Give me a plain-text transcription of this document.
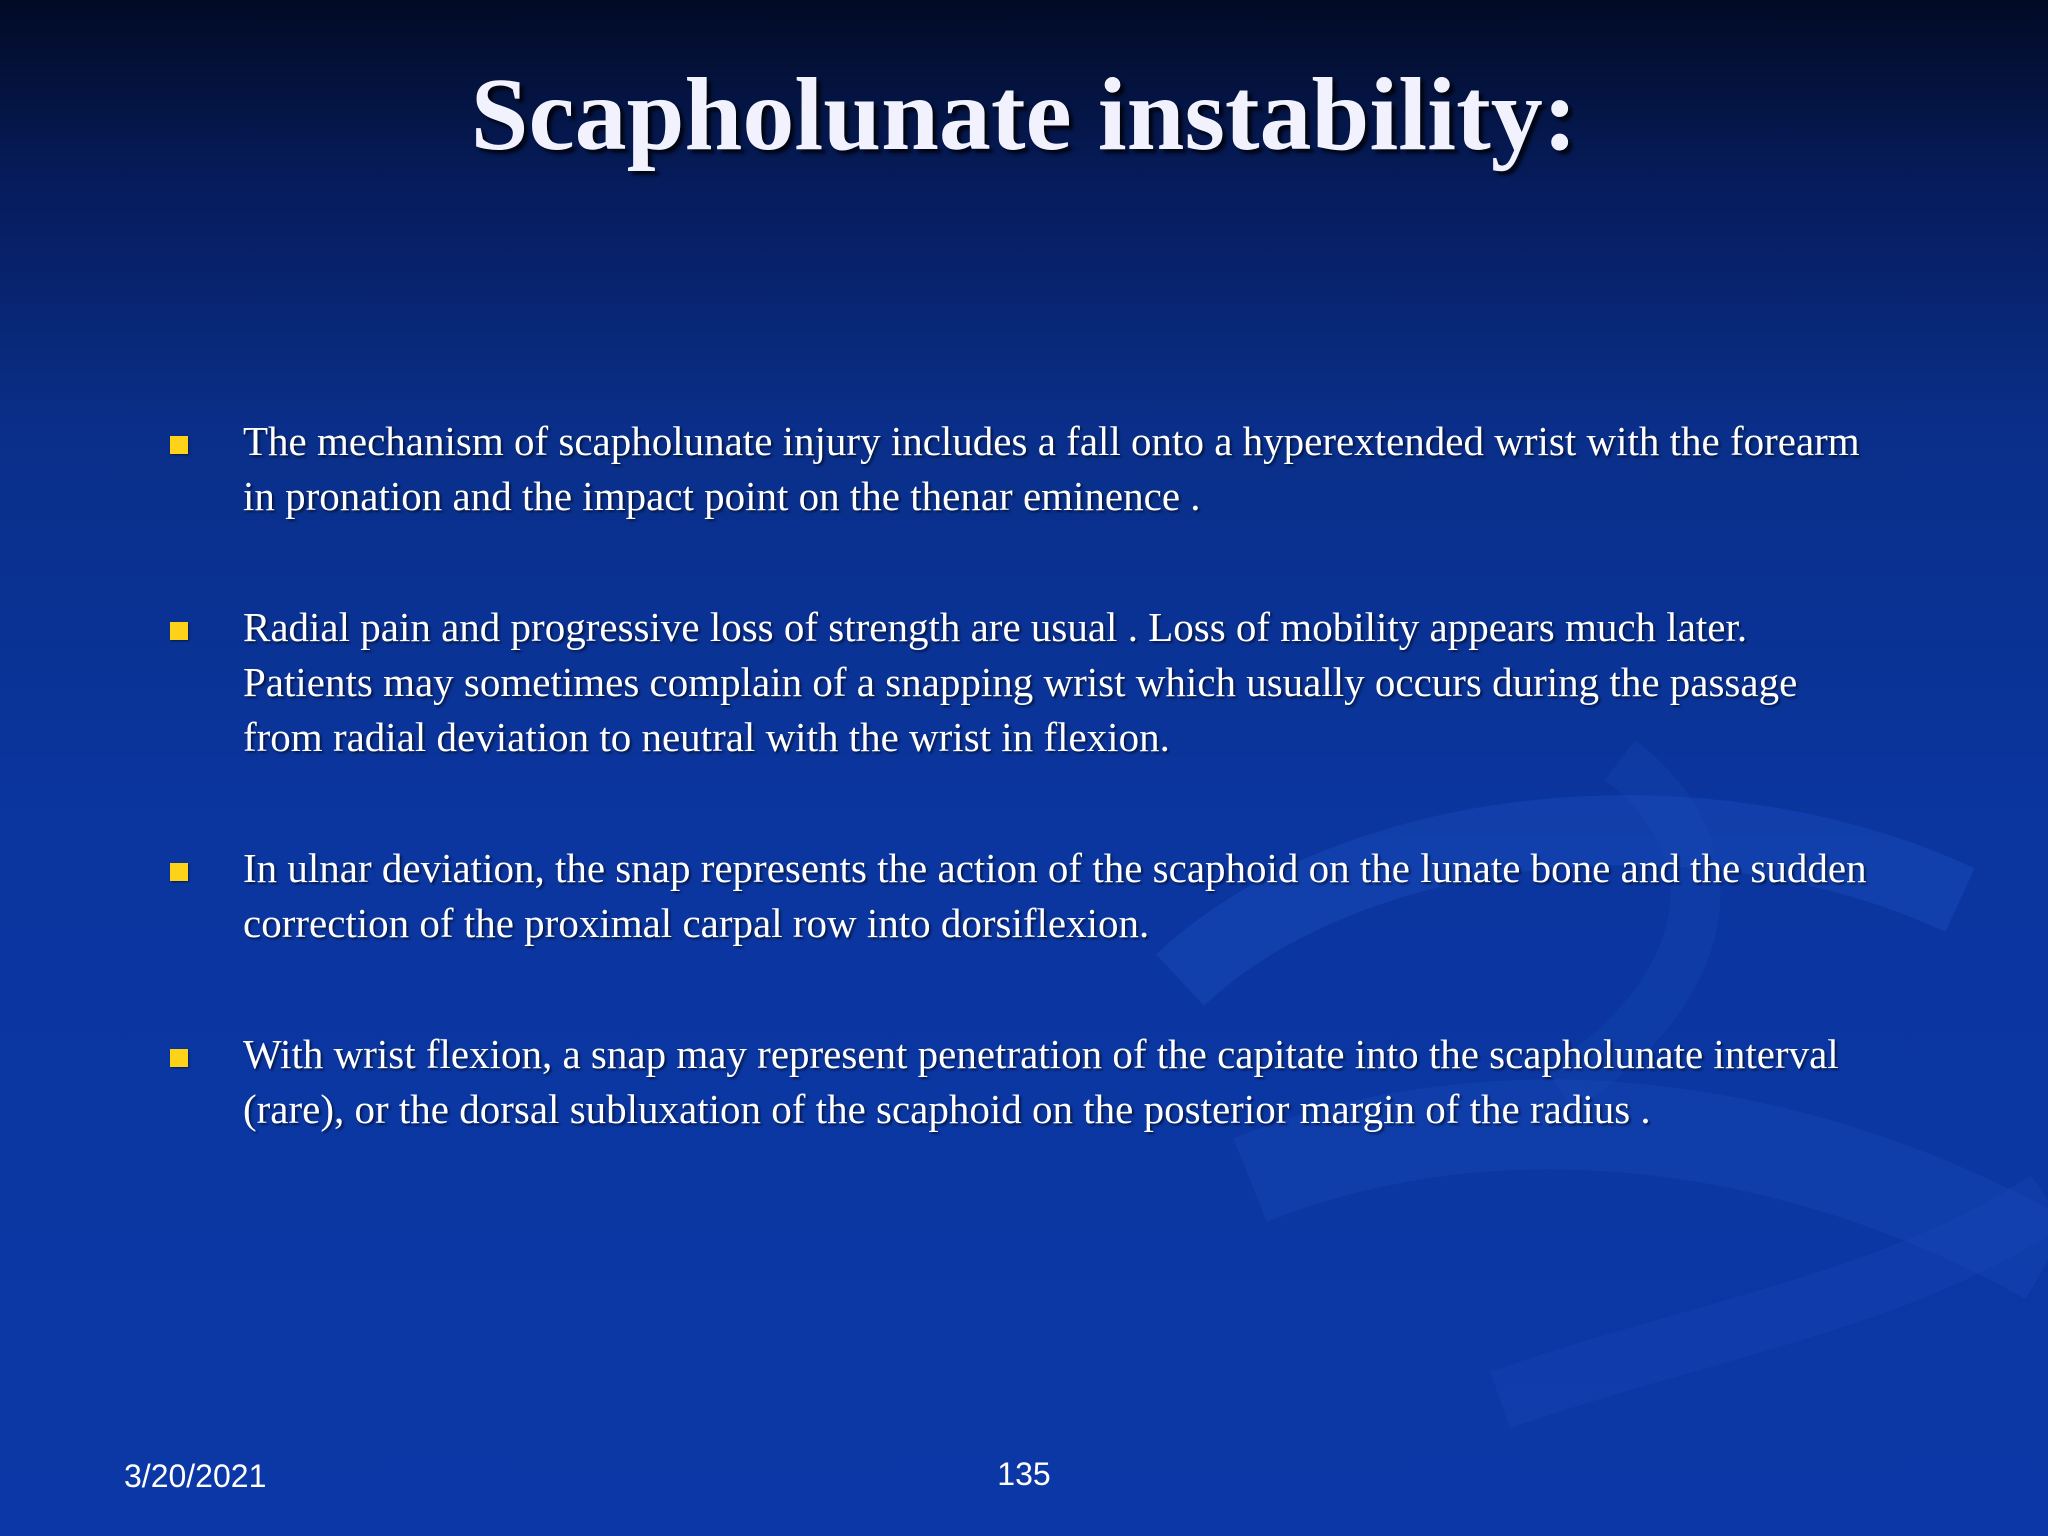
Scapholunate instability:
The mechanism of scapholunate injury includes a fall onto a hyperextended wrist with the forearm in pronation and the impact point on the thenar eminence .
Radial pain and progressive loss of strength are usual . Loss of mobility appears much later. Patients may sometimes complain of a snapping wrist which usually occurs during the passage from radial deviation to neutral with the wrist in flexion.
In ulnar deviation, the snap represents the action of the scaphoid on the lunate bone and the sudden correction of the proximal carpal row into dorsiflexion.
With wrist flexion, a snap may represent penetration of the capitate into the scapholunate interval (rare), or the dorsal subluxation of the scaphoid on the posterior margin of the radius .
3/20/2021	135
